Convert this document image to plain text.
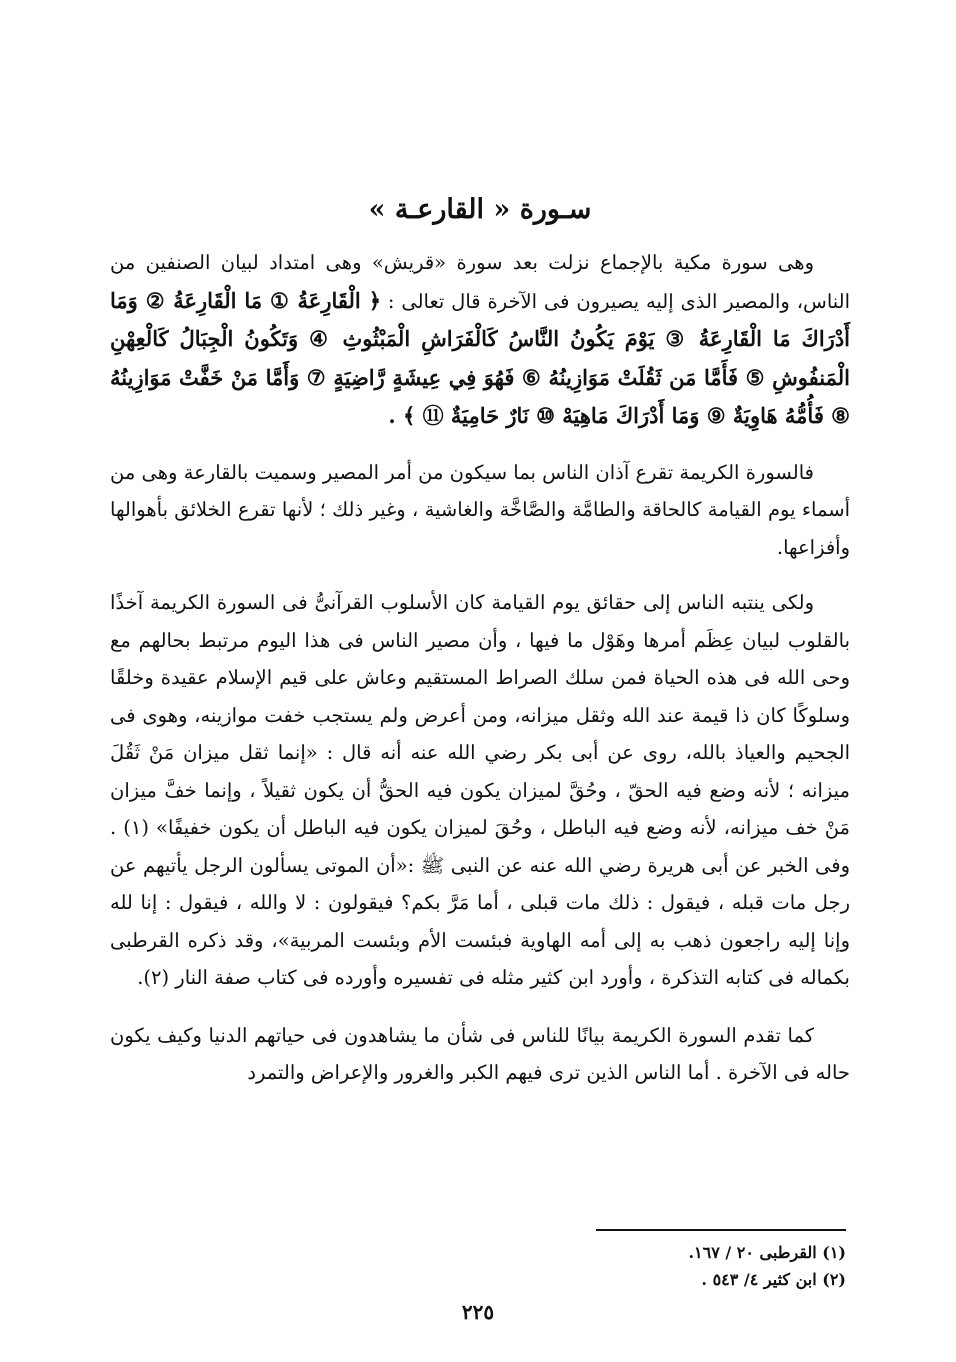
سـورة « القارعـة »

وهى سورة مكية بالإجماع نزلت بعد سورة «قريش» وهى امتداد لبيان الصنفين من الناس، والمصير الذى إليه يصيرون فى الآخرة قال تعالى : ﴿ الْقَارِعَةُ ① مَا الْقَارِعَةُ ② وَمَا أَدْرَاكَ مَا الْقَارِعَةُ ③ يَوْمَ يَكُونُ النَّاسُ كَالْفَرَاشِ الْمَبْثُوثِ ④ وَتَكُونُ الْجِبَالُ كَالْعِهْنِ الْمَنفُوشِ ⑤ فَأَمَّا مَن ثَقُلَتْ مَوَازِينُهُ ⑥ فَهُوَ فِي عِيشَةٍ رَّاضِيَةٍ ⑦ وَأَمَّا مَنْ خَفَّتْ مَوَازِينُهُ ⑧ فَأُمُّهُ هَاوِيَةٌ ⑨ وَمَا أَدْرَاكَ مَاهِيَهْ ⑩ نَارٌ حَامِيَةٌ ⑪ ﴾ .

فالسورة الكريمة تقرع آذان الناس بما سيكون من أمر المصير وسميت بالقارعة وهى من أسماء يوم القيامة كالحاقة والطامَّة والصَّاخَّة والغاشية ، وغير ذلك ؛ لأنها تقرع الخلائق بأهوالها وأفزاعها.

ولكى ينتبه الناس إلى حقائق يوم القيامة كان الأسلوب القرآنىُّ فى السورة الكريمة آخذًا بالقلوب لبيان عِظَم أمرها وهَوْل ما فيها ، وأن مصير الناس فى هذا اليوم مرتبط بحالهم مع وحى الله فى هذه الحياة فمن سلك الصراط المستقيم وعاش على قيم الإسلام عقيدة وخلقًا وسلوكًا كان ذا قيمة عند الله وثقل ميزانه، ومن أعرض ولم يستجب خفت موازينه، وهوى فى الجحيم والعياذ بالله، روى عن أبى بكر رضي الله عنه أنه قال : «إنما ثقل ميزان مَنْ ثَقُلَ ميزانه ؛ لأنه وضع فيه الحقّ ، وحُقَّ لميزان يكون فيه الحقُّ أن يكون ثقيلاً ، وإنما خفَّ ميزان مَنْ خف ميزانه، لأنه وضع فيه الباطل ، وحُقَ لميزان يكون فيه الباطل أن يكون خفيفًا» (١) . وفى الخبر عن أبى هريرة رضي الله عنه عن النبى ﷺ :«أن الموتى يسألون الرجل يأتيهم عن رجل مات قبله ، فيقول : ذلك مات قبلى ، أما مَرَّ بكم؟ فيقولون : لا والله ، فيقول : إنا لله وإنا إليه راجعون ذهب به إلى أمه الهاوية فبئست الأم وبئست المربية»، وقد ذكره القرطبى بكماله فى كتابه التذكرة ، وأورد ابن كثير مثله فى تفسيره وأورده فى كتاب صفة النار (٢).

كما تقدم السورة الكريمة بيانًا للناس فى شأن ما يشاهدون فى حياتهم الدنيا وكيف يكون حاله فى الآخرة . أما الناس الذين ترى فيهم الكبر والغرور والإعراض والتمرد

(١) القرطبى ٢٠ / ١٦٧.

(٢) ابن كثير ٤/ ٥٤٣ .

٢٢٥
